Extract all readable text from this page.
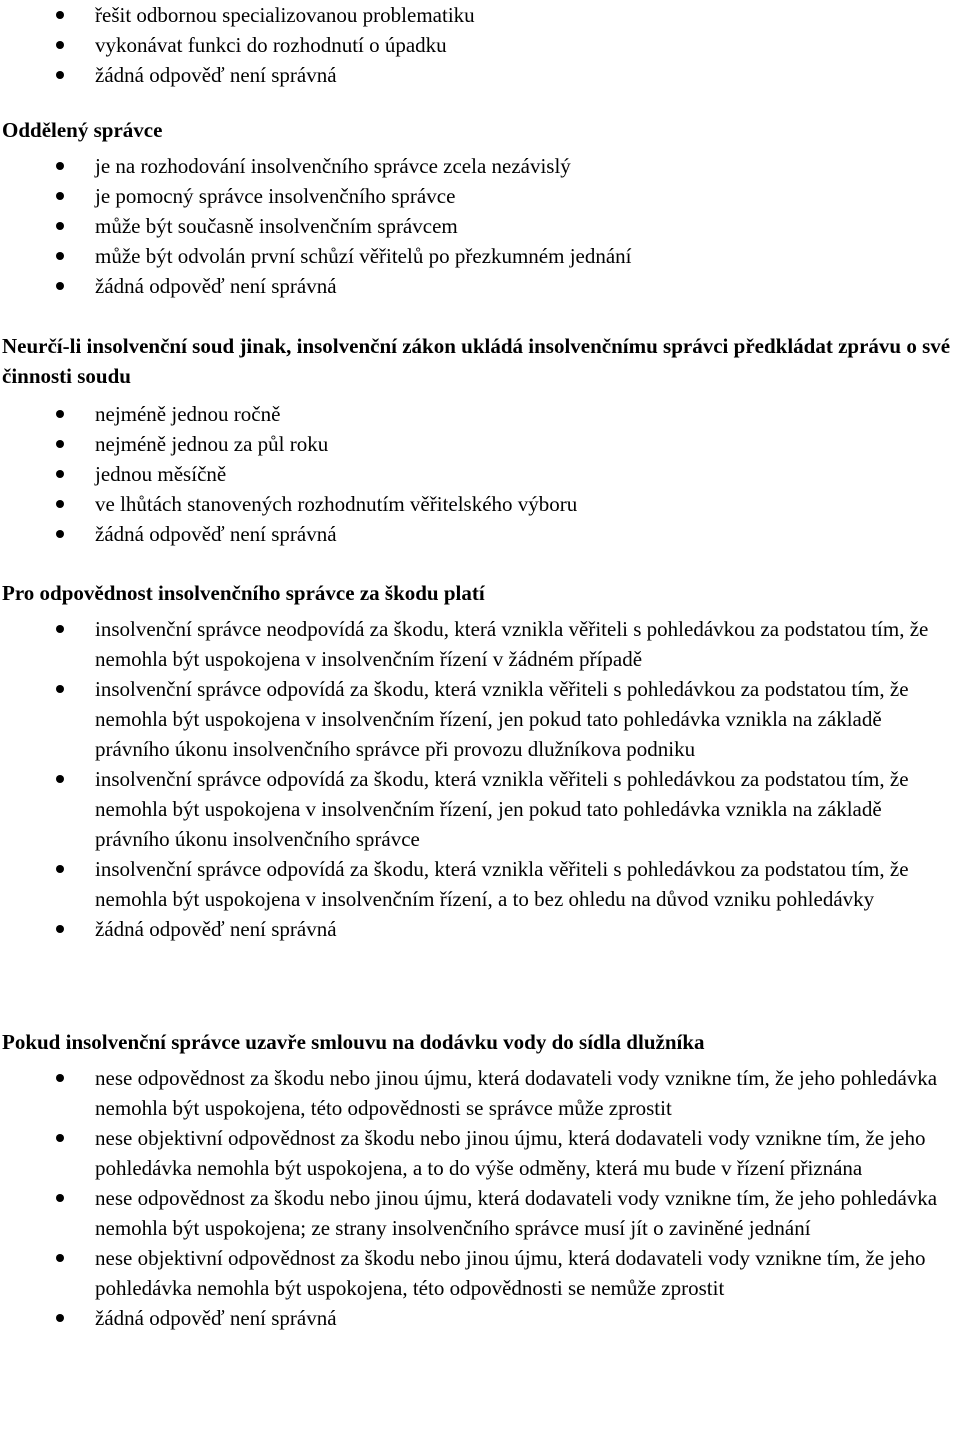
řešit odbornou specializovanou problematiku
vykonávat funkci do rozhodnutí o úpadku
žádná odpověď není správná

Oddělený správce

je na rozhodování insolvenčního správce zcela nezávislý
je pomocný správce insolvenčního správce
může být současně insolvenčním správcem
může být odvolán první schůzí věřitelů po přezkumném jednání
žádná odpověď není správná

Neurčí-li insolvenční soud jinak, insolvenční zákon ukládá insolvenčnímu správci předkládat zprávu o své činnosti soudu

nejméně jednou ročně
nejméně jednou za půl roku
jednou měsíčně
ve lhůtách stanovených rozhodnutím věřitelského výboru
žádná odpověď není správná

Pro odpovědnost insolvenčního správce za škodu platí

insolvenční správce neodpovídá za škodu, která vznikla věřiteli s pohledávkou za podstatou tím, že nemohla být uspokojena v insolvenčním řízení v žádném případě
insolvenční správce odpovídá za škodu, která vznikla věřiteli s pohledávkou za podstatou tím, že nemohla být uspokojena v insolvenčním řízení, jen pokud tato pohledávka vznikla na základě právního úkonu insolvenčního správce při provozu dlužníkova podniku
insolvenční správce odpovídá za škodu, která vznikla věřiteli s pohledávkou za podstatou tím, že nemohla být uspokojena v insolvenčním řízení, jen pokud tato pohledávka vznikla na základě právního úkonu insolvenčního správce
insolvenční správce odpovídá za škodu, která vznikla věřiteli s pohledávkou za podstatou tím, že nemohla být uspokojena v insolvenčním řízení, a to bez ohledu na důvod vzniku pohledávky
žádná odpověď není správná

Pokud insolvenční správce uzavře smlouvu na dodávku vody do sídla dlužníka

nese odpovědnost za škodu nebo jinou újmu, která dodavateli vody vznikne tím, že jeho pohledávka nemohla být uspokojena, této odpovědnosti se správce může zprostit
nese objektivní odpovědnost za škodu nebo jinou újmu, která dodavateli vody vznikne tím, že jeho pohledávka nemohla být uspokojena, a to do výše odměny, která mu bude v řízení přiznána
nese odpovědnost za škodu nebo jinou újmu, která dodavateli vody vznikne tím, že jeho pohledávka nemohla být uspokojena; ze strany insolvenčního správce musí jít o zaviněné jednání
nese objektivní odpovědnost za škodu nebo jinou újmu, která dodavateli vody vznikne tím, že jeho pohledávka nemohla být uspokojena, této odpovědnosti se nemůže zprostit
žádná odpověď není správná
